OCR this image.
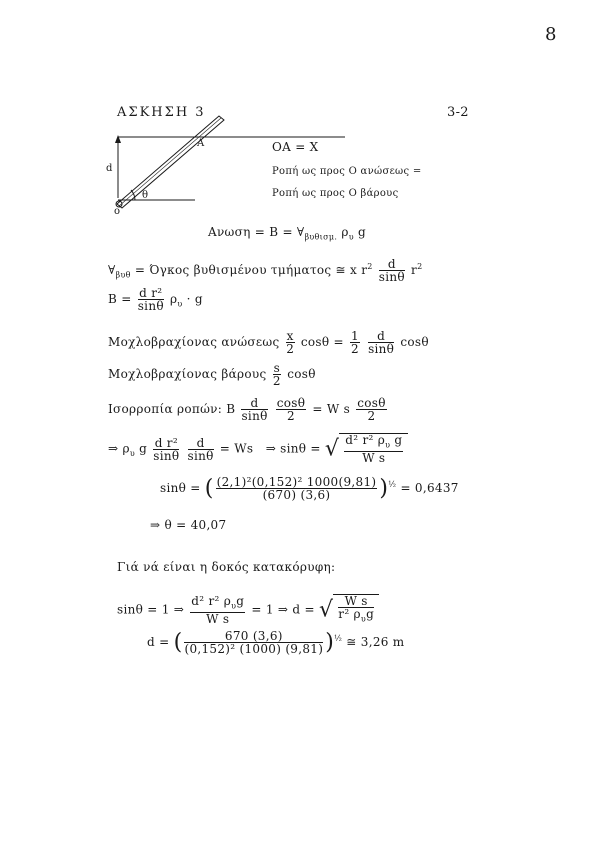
8
ΑΣΚΗΣΗ 3	3-2
A
d
o
θ
OA = X
Ροπή ως προς O ανώσεως =
Ροπή ως προς O βάρους
$A\nu\omega\sigma\eta = B = \forall_{\beta\upsilon\theta\iota\sigma\mu.}$ $\rho_\upsilon$ g
$\forall_{\beta\upsilon\theta} = Ό\gamma\kappa o\varsigma$ βυθισμένου τμήματος ≅ x $r^2 \frac{d}{\sin\theta} r^2$
$B = \frac{\text{d r²}}{\sin\theta} \rho_\upsilon \cdot g$
Μοχλοβραχίονας ανώσεως $\frac{x}{2}$ $\cos\theta = \frac{1}{2}$
$\frac{d}{\sin\theta}$ cosθ
Μοχλοβραχίονας βάρους $\frac{s}{2}$ cosθ
Ισορροπία ροπών: B $\frac{d}{\sin\theta}$
$\frac{\cos\theta}{2} = W$ s $\frac{\cos\theta}{2}$
⇒ $\rho_\upsilon$ g $\frac{\text{d r²}}{\sin\theta}$
$\frac{d}{\sin\theta} = Ws$ ⇒ sinθ = √ $\frac{d^2 r^2 \rho_\upsilon g}{\text{W s}}$
sinθ = ( $\frac{\text{(2,1)²(0,152)² 1000(9,81)}}{(670) (3,6)} )^{\frac{1}{2}} = 0,6437$
⇒ θ = 40,07
Γιά νά είναι η δοκός κατακόρυφη:
sinθ = 1 ⇒ $\frac{d^2 r^2 \rho_\upsilon g}{\text{W s}} = 1$ ⇒ d = √ $\frac{\text{W s}}{r^2 \rho_\upsilon g}$
d = ( $\frac{670 (3,6)}{\text{(0,152)² (1000) (9,81)}} )^{\frac{1}{2}}$ ≅ 3,26 m
